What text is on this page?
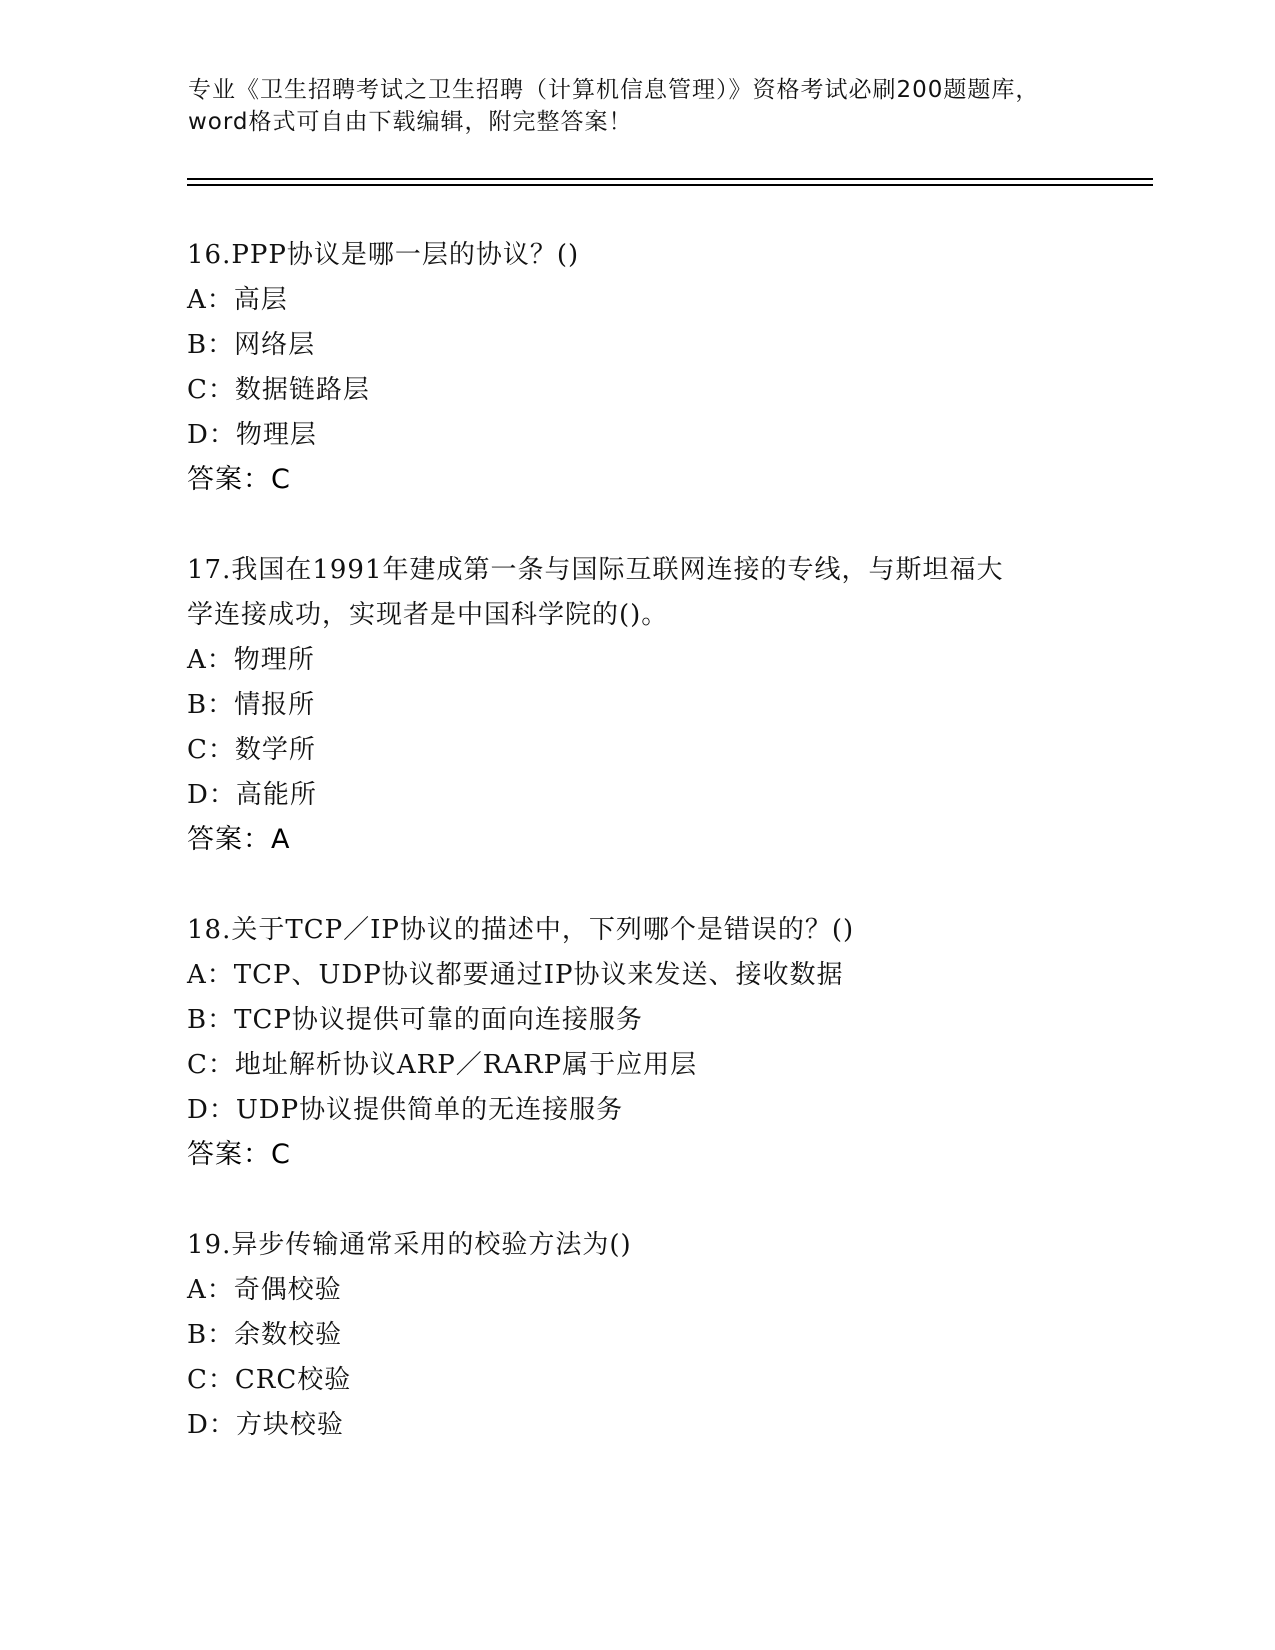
专业《卫生招聘考试之卫生招聘（计算机信息管理）》资格考试必刷200题题库，
word格式可自由下载编辑，附完整答案！
16.PPP协议是哪一层的协议？()
A：高层
B：网络层
C：数据链路层
D：物理层
答案：C
17.我国在1991年建成第一条与国际互联网连接的专线，与斯坦福大
学连接成功，实现者是中国科学院的()。
A：物理所
B：情报所
C：数学所
D：高能所
答案：A
18.关于TCP／IP协议的描述中，下列哪个是错误的？()
A：TCP、UDP协议都要通过IP协议来发送、接收数据
B：TCP协议提供可靠的面向连接服务
C：地址解析协议ARP／RARP属于应用层
D：UDP协议提供简单的无连接服务
答案：C
19.异步传输通常采用的校验方法为()
A：奇偶校验
B：余数校验
C：CRC校验
D：方块校验
